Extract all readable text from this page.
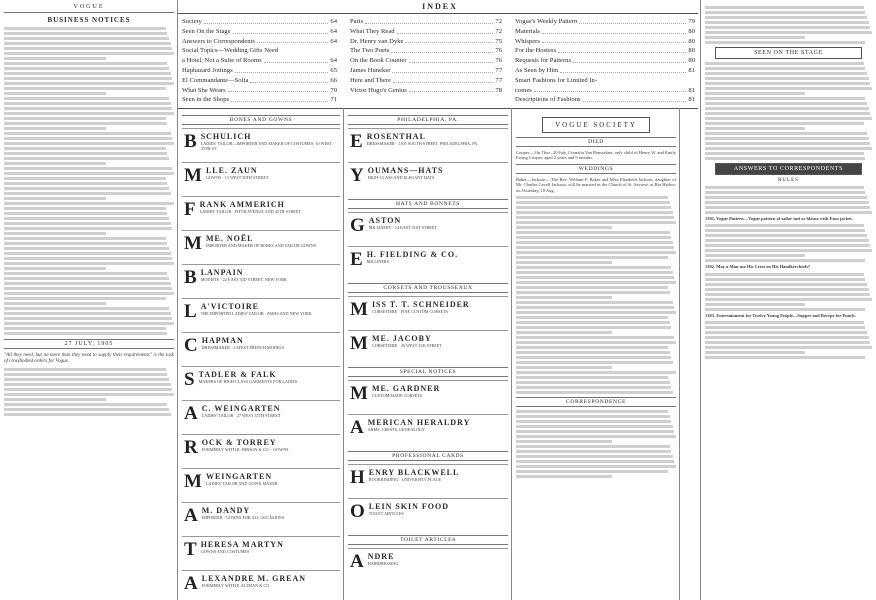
INDEX
Society	64
Seen On the Stage	64
Answers to Correspondents	64
Social Topics—Wedding Gifts Need
a Hotel, Not a Suite of Rooms	64
Haphazard Jottings	65
El Commandante—Sofia	66
What She Wears	70
Seen in the Shops	71
Paris	72
What They Read	72
Dr. Henry van Dyke	75
The Two Poets	76
On the Book Counter	76
James Huneker	77
Here and There	77
Victor Hugo's Genius	78
Vogue's Weekly Pattern	79
Materials	80
Whispers	80
For the Hostess	80
Requests for Patterns	80
As Seen by Him	81
Smart Fashions for Limited In-
comes	81
Descriptions of Fashions	81
VOGUE
BUSINESS NOTICES
27 JULY, 1905
"All they need, but no more than they need to supply their requirements" is the task of crossbodied orders for Vogue.
BONES AND GOWNS
B SCHULICH
LADIES' TAILOR—IMPORTER AND MAKER OF COSTUMES, 10 WEST 35TH ST
M LLE. ZAUN
GOWNS · 15 WEST 30TH STREET
F RANK AMMERICH
LADIES' TAILOR · FIFTH AVENUE AND 45TH STREET
M ME. NOËL
IMPORTER AND MAKER OF ROBES AND TAILOR GOWNS
B LANPAIN
MODISTE · 22 EAST 33D STREET, NEW YORK
L A'VICTOIRE
THE IMPORTED LADIES' TAILOR · PARIS AND NEW YORK
C HAPMAN
DRESSMAKER · LATEST FRENCH MODELS
S TADLER & FALK
MAKERS OF HIGH CLASS GARMENTS FOR LADIES
A C. WEINGARTEN
LADIES' TAILOR · 27 WEST 35TH STREET
R OCK & TORREY
FORMERLY WITH R. HIRSON & CO. · GOWNS
M WEINGARTEN
LADIES' TAILOR AND GOWN MAKER
A M. DANDY
IMPORTER · GOWNS FOR ALL OCCASIONS
T HERESA MARTYN
GOWNS AND COSTUMES
A LEXANDRE M. GREAN
FORMERLY WITH P. ALTMAN & CO.
PHILADELPHIA, PA.
E ROSENTHAL
DRESSMAKER · 1305 SOUTH STREET, PHILADELPHIA, PA.
Y OUMANS—HATS
HIGH-CLASS AND ELEGANT HATS
HATS AND BONNETS
G ASTON
MILLINERY · 14 EAST 31ST STREET
E H. FIELDING & CO.
MILLINERS
CORSETS AND TROUSSEAUX
M ISS T. T. SCHNEIDER
CORSETIERE · FINE CUSTOM CORSETS
M ME. JACOBY
CORSETIERE · 46 WEST 33D STREET
SPECIAL NOTICES
M ME. GARDNER
CUSTOM MADE CORSETS
A MERICAN HERALDRY
ARMS, CRESTS, GENEALOGY
PROFESSIONAL CARDS
H ENRY BLACKWELL
BOOKBINDING · UNIVERSITY PLACE
O LEIN SKIN FOOD
TOILET ARTICLES
TOILET ARTICLES
A NDRE
HAIRDRESSING
VOGUE SOCIETY
DIED
Cooper.—On Thur., 20 July, Cornelia Van Rensselaer, only child of Henry W. and Emily Ewing Cooper, aged 2 years and 9 months.
WEDDINGS
Baker—Jackson.—The Rev. William F. Baker and Miss Elizabeth Jackson, daughter of Mr. Charles Cavall Jackson, will be married in the Church of St. Saviour, at Bar Harbor, on Thursday, 10 Aug.
CORRESPONDENCE
SEEN ON THE STAGE
ANSWERS TO CORRESPONDENTS
RULES
1301. Vogue Pattern—Vogue pattern of sailor suit or blouse with Eton jacket.
1302. May a Man use His Crest on His Handkerchiefs?
1303. Entertainment for Twelve Young People—Supper and Recepe for Punch.
